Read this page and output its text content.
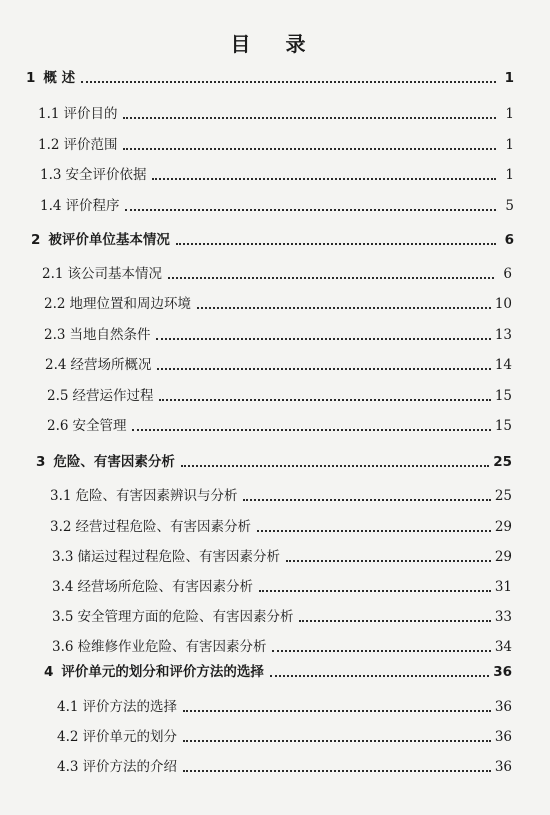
目 录
1 概 述	1
1.1 评价目的	1
1.2 评价范围	1
1.3 安全评价依据	1
1.4 评价程序	5
2 被评价单位基本情况	6
2.1 该公司基本情况	6
2.2 地理位置和周边环境	10
2.3 当地自然条件	13
2.4 经营场所概况	14
2.5 经营运作过程	15
2.6 安全管理	15
3 危险、有害因素分析	25
3.1 危险、有害因素辨识与分析	25
3.2 经营过程危险、有害因素分析	29
3.3 储运过程过程危险、有害因素分析	29
3.4 经营场所危险、有害因素分析	31
3.5 安全管理方面的危险、有害因素分析	33
3.6 检维修作业危险、有害因素分析	34
4 评价单元的划分和评价方法的选择	36
4.1 评价方法的选择	36
4.2 评价单元的划分	36
4.3 评价方法的介绍	36
